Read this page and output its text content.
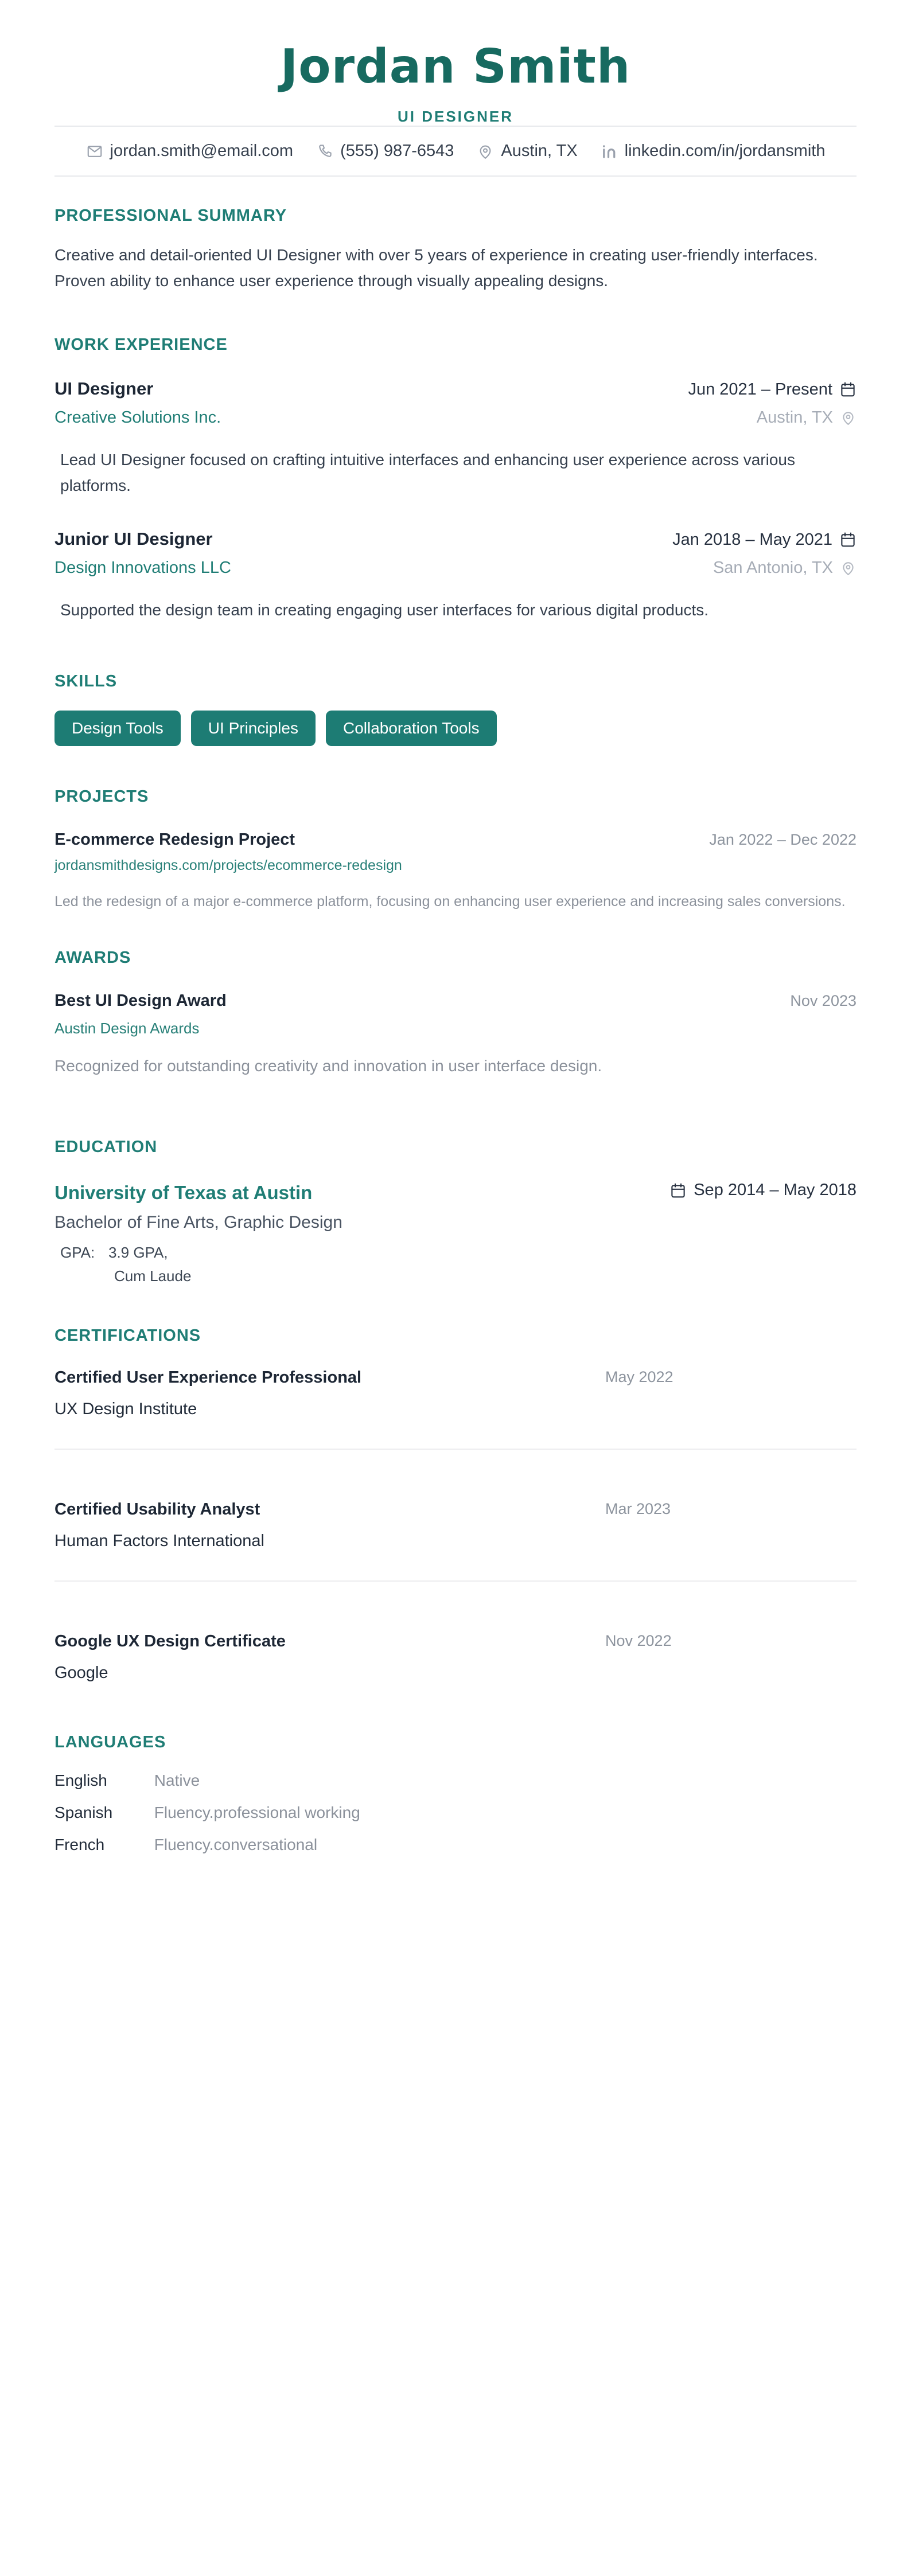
Jordan Smith
UI DESIGNER
jordan.smith@email.com	(555) 987-6543	Austin, TX	linkedin.com/in/jordansmith
PROFESSIONAL SUMMARY

Creative and detail-oriented UI Designer with over 5 years of experience in creating user-friendly interfaces. Proven ability to enhance user experience through visually appealing designs.

WORK EXPERIENCE
UI Designer	Jun 2021 – Present
Creative Solutions Inc.	Austin, TX

Lead UI Designer focused on crafting intuitive interfaces and enhancing user experience across various platforms.

Junior UI Designer	Jan 2018 – May 2021
Design Innovations LLC	San Antonio, TX

Supported the design team in creating engaging user interfaces for various digital products.

SKILLS
Design Tools	UI Principles	Collaboration Tools
PROJECTS
E-commerce Redesign Project	Jan 2022 – Dec 2022
jordansmithdesigns.com/projects/ecommerce-redesign

Led the redesign of a major e-commerce platform, focusing on enhancing user experience and increasing sales conversions.

AWARDS
Best UI Design Award	Nov 2023
Austin Design Awards

Recognized for outstanding creativity and innovation in user interface design.

EDUCATION
University of Texas at Austin	Sep 2014 – May 2018
Bachelor of Fine Arts, Graphic Design
GPA: 3.9 GPA,
Cum Laude
CERTIFICATIONS
Certified User Experience Professional	May 2022
UX Design Institute
Certified Usability Analyst	Mar 2023
Human Factors International
Google UX Design Certificate	Nov 2022
Google
LANGUAGES
English	Native
Spanish	Fluency.professional working
French	Fluency.conversational
